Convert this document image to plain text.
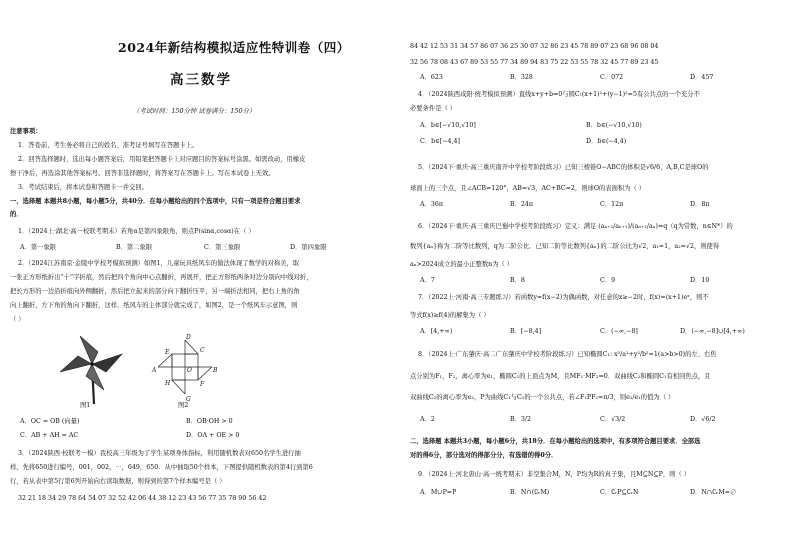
2024年新结构模拟适应性特训卷（四）
高三数学
（考试时间：150分钟 试卷满分：150分）
注意事项：
1．答卷前，考生务必将自己的姓名、准考证号填写在答题卡上。
2．回答选择题时，选出每小题答案后，用铅笔把答题卡上对应题目的答案标号涂黑。如需改动，用橡皮
擦干净后，再选涂其他答案标号。回答非选择题时，将答案写在答题卡上。写在本试卷上无效。
3．考试结束后，将本试卷和答题卡一并交回。
一、选择题 本题共8小题，每小题5分，共40分．在每小题给出的四个选项中，只有一项是符合题目要求
的．
1．（2024上·湖北·高一校联考期末）若角α是第四象限角，则点P(sinα,cosα)在（ ）
A．第一象限	B．第二象限	C．第三象限	D．第四象限
2．（2024江苏南京·金陵中学校考模拟预测）如图1，儿童玩具纸风车的做法体现了数学的对称美，取
一张正方形纸折出“十”字折痕，然后把四个角向中心点翻折，再展开，把正方形纸两条对边分别向中线对折，
把长方形的一边沿折痕向外侧翻折，然后把立起来的部分向下翻折压平，另一端折法相同，把右上角的角
向上翻折，左下角的角向下翻折，这样，纸风车的主体部分就完成了，如图2，是一个纸风车示意图，则
（ ）
图1
D
E	C
A	B
O
H	F
G
图2
A．OC = OB (向量)	B．OB·OH > 0
C．AB + AH = AC	D．OA + OE > 0
3．（2024陕西·校联考一模）我校高三年级为了学生某项身体指标，利用随机数表对650名学生进行抽
样，先将650进行编号，001，002，⋯，649，650．从中抽取50个样本，下图提供随机数表的第4行到第6
行，若从表中第5行第6列开始向右读取数据，则得到的第7个样本编号是（ ）
32 21 18 34 29 78 64 54 07 32 52 42 06 44 38 12 23 43 56 77 35 78 90 56 42
84 42 12 53 31 34 57 86 07 36 25 30 07 32 86 23 45 78 89 07 23 68 96 08 04
32 56 78 08 43 67 89 53 55 77 34 89 94 83 75 22 53 55 78 32 45 77 89 23 45
A．623	B．328	C．072	D．457
4．（2024陕西咸阳·统考模拟预测）直线x+y+b=0与圆C:(x+1)²+(y−1)²=5有公共点的一个充分不
必要条件是（ ）
A．b∈[−√10,√10]	B．b∈(−√10,√10)
C．b∈[−4,4]	D．b∈(−4,4)
5．（2024下·重庆·高三重庆南开中学校考阶段练习）已知三棱锥O−ABC的体积是√6/6，A,B,C是球O的
球面上的三个点，且∠ACB=120°，AB=√3，AC+BC=2，则球O的表面积为（ ）
A．36π	B．24π	C．12π	D．8π
6．（2024下·重庆·高三重庆巴蜀中学校考阶段练习）定义：满足 (aₙ₊₂/aₙ₊₁)/(aₙ₊₁/aₙ)=q（q为常数，n∈N*）的
数列{aₙ}称为二阶等比数列，q为二阶公比．已知二阶等比数列{aₙ}的二阶公比为√2，a₁=1，a₂=√2，则使得
aₙ>2024成立的最小正整数n为（ ）
A．7	B．8	C．9	D．10
7．（2022上·河南·高三专题练习）若函数y=f(x−2)为偶函数，对任意的x≥−2时，f(x)=(x+1)eˣ，则不
等式f(x)≥f(4)的解集为（ ）
A．[4,+∞)	B．[−8,4]	C．(−∞,−8]	D．(−∞,−8]∪[4,+∞)
8．（2024上·广东肇庆·高二广东肇庆中学校考阶段练习）已知椭圆C₁: x²/a²+y²/b²=1(a>b>0)的左、右焦
点分别为F₁，F₂，离心率为e₁，椭圆C₁的上顶点为M，且MF₁·MF₂=0．双曲线C₂和椭圆C₁有相同焦点，且
双曲线C₂的离心率为e₂，P为曲线C₁与C₂的一个公共点，若∠F₁PF₂=π/3，则e₂/e₁的值为（ ）
A．2	B．3/2	C．√3/2	D．√6/2
二、选择题 本题共3小题，每小题6分，共18分．在每小题给出的选项中，有多项符合题目要求．全部选
对的得6分，部分选对的得部分分，有选错的得0分．
9．（2024上·河北唐山·高一统考期末）非空集合M，N，P均为R的真子集，且M⊆N⊆P，则（ ）
A．M∪P=P	B．N∩(∁ᵣM)	C．∁ᵣP⊆∁ᵣN	D．N∩∁ᵣM=∅
